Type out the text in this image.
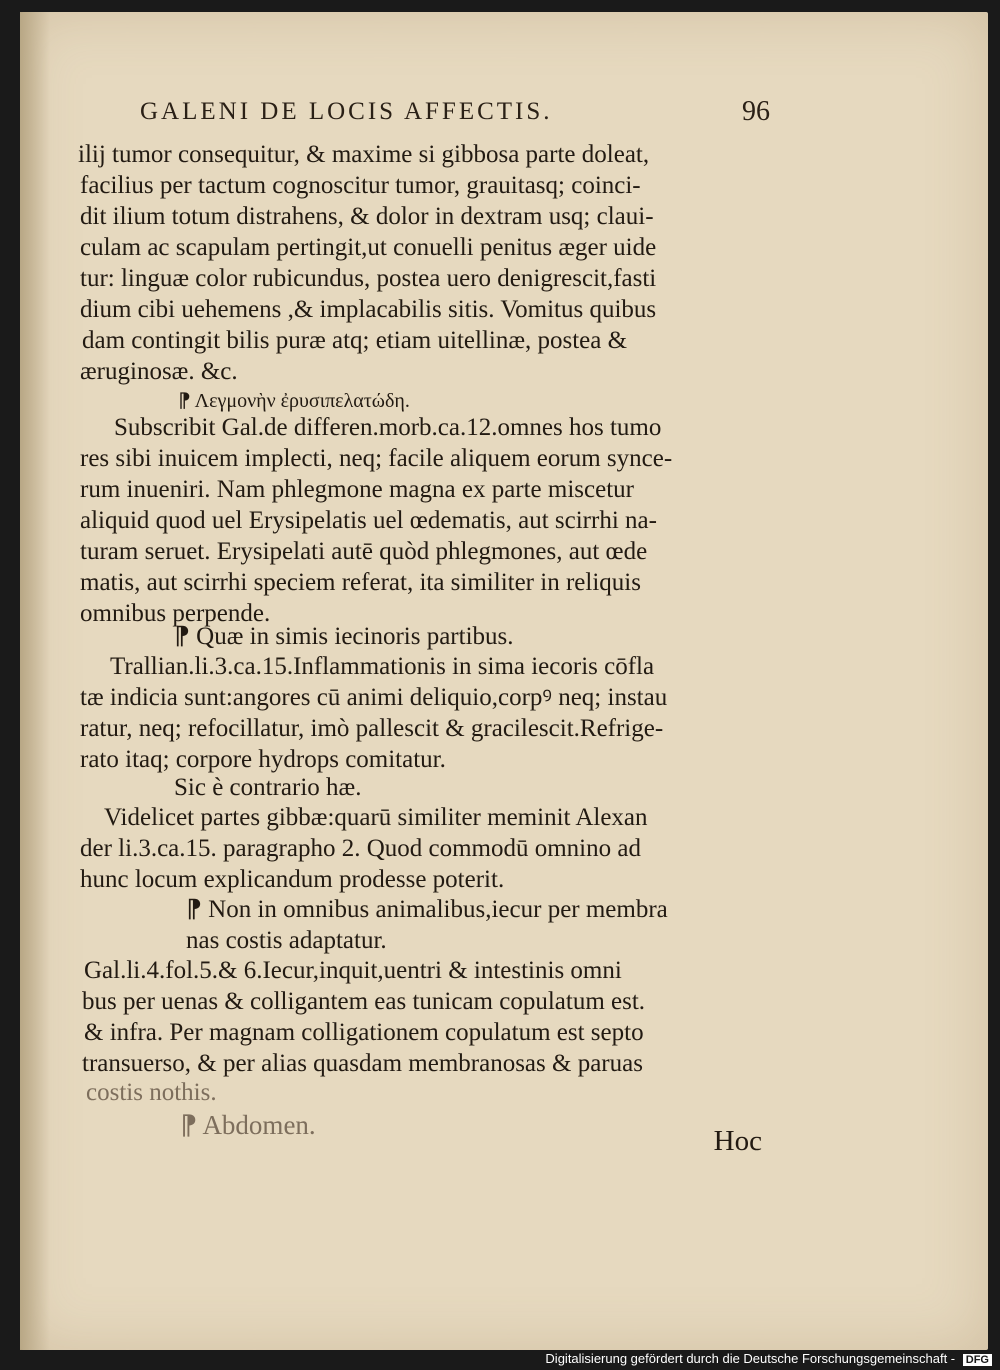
GALENI DE LOCIS AFFECTIS.	96
ilij tumor consequitur, & maxime si gibbosa parte doleat,
facilius per tactum cognoscitur tumor, grauitasq; coinci-
dit ilium totum distrahens, & dolor in dextram usq; claui-
culam ac scapulam pertingit,ut conuelli penitus æger uide
tur: linguæ color rubicundus, postea uero denigrescit,fasti
dium cibi uehemens ,& implacabilis sitis. Vomitus quibus
dam contingit bilis puræ atq; etiam uitellinæ, postea &
æruginosæ. &c.
⁋ Λεγμονὴν ἐρυσιπελατώδη.
Subscribit Gal.de differen.morb.ca.12.omnes hos tumo
res sibi inuicem implecti, neq; facile aliquem eorum synce-
rum inueniri. Nam phlegmone magna ex parte miscetur
aliquid quod uel Erysipelatis uel œdematis, aut scirrhi na-
turam seruet. Erysipelati autē quòd phlegmones, aut œde
matis, aut scirrhi speciem referat, ita similiter in reliquis
omnibus perpende.
⁋ Quæ in simis iecinoris partibus.
Trallian.li.3.ca.15.Inflammationis in sima iecoris cōfla
tæ indicia sunt:angores cū animi deliquio,corpꝰ neq; instau
ratur, neq; refocillatur, imò pallescit & gracilescit.Refrige-
rato itaq; corpore hydrops comitatur.
Sic è contrario hæ.
Videlicet partes gibbæ:quarū similiter meminit Alexan
der li.3.ca.15. paragrapho 2. Quod commodū omnino ad
hunc locum explicandum prodesse poterit.
⁋ Non in omnibus animalibus,iecur per membra
nas costis adaptatur.
Gal.li.4.fol.5.& 6.Iecur,inquit,uentri & intestinis omni
bus per uenas & colligantem eas tunicam copulatum est.
& infra. Per magnam colligationem copulatum est septo
transuerso, & per alias quasdam membranosas & paruas
costis nothis.
⁋ Abdomen.	Hoc
Digitalisierung gefördert durch die Deutsche Forschungsgemeinschaft - DFG
